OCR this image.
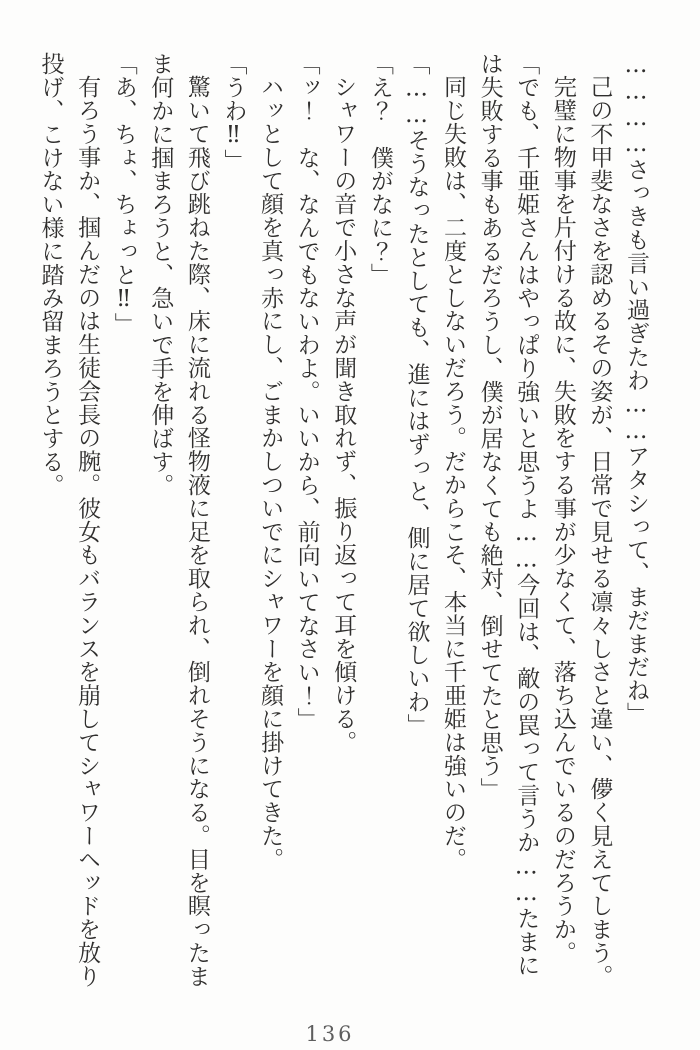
…………さっきも言い過ぎたわ……アタシって、まだまだね」

己の不甲斐なさを認めるその姿が、日常で見せる凛々しさと違い、儚く見えてしまう。

完璧に物事を片付ける故に、失敗をする事が少なくて、落ち込んでいるのだろうか。

「でも、千亜姫さんはやっぱり強いと思うよ……今回は、敵の罠って言うか……たまには失敗する事もあるだろうし、僕が居なくても絶対、倒せてたと思う」

同じ失敗は、二度としないだろう。だからこそ、本当に千亜姫は強いのだ。

「……そうなったとしても、進にはずっと、側に居て欲しいわ」

「え？　僕がなに？」

シャワーの音で小さな声が聞き取れず、振り返って耳を傾ける。

「ッ！　な、なんでもないわよ。いいから、前向いてなさい！」

ハッとして顔を真っ赤にし、ごまかしついでにシャワーを顔に掛けてきた。

「うわ‼」

驚いて飛び跳ねた際、床に流れる怪物液に足を取られ、倒れそうになる。目を瞑ったまま何かに掴まろうと、急いで手を伸ばす。

「あ、ちょ、ちょっと‼」

有ろう事か、掴んだのは生徒会長の腕。彼女もバランスを崩してシャワーヘッドを放り投げ、こけない様に踏み留まろうとする。

136
